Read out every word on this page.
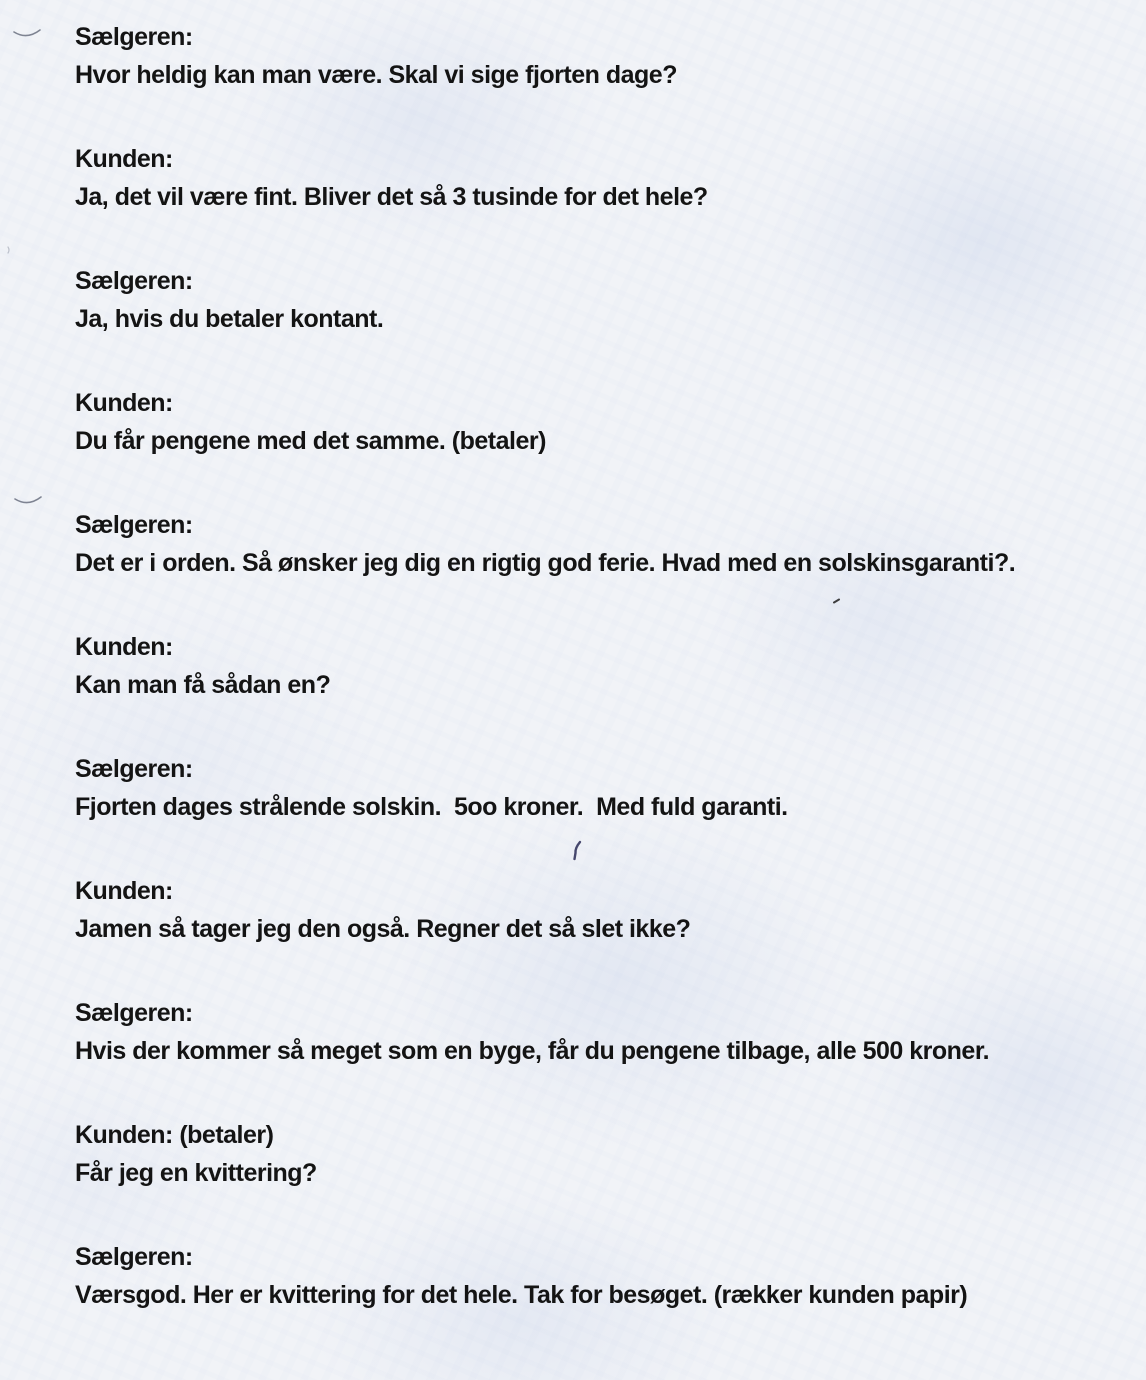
Sælgeren:
Hvor heldig kan man være. Skal vi sige fjorten dage?
Kunden:
Ja, det vil være fint. Bliver det så 3 tusinde for det hele?
Sælgeren:
Ja, hvis du betaler kontant.
Kunden:
Du får pengene med det samme. (betaler)
Sælgeren:
Det er i orden. Så ønsker jeg dig en rigtig god ferie. Hvad med en solskinsgaranti?.
Kunden:
Kan man få sådan en?
Sælgeren:
Fjorten dages strålende solskin.  5oo kroner.  Med fuld garanti.
Kunden:
Jamen så tager jeg den også. Regner det så slet ikke?
Sælgeren:
Hvis der kommer så meget som en byge, får du pengene tilbage, alle 500 kroner.
Kunden: (betaler)
Får jeg en kvittering?
Sælgeren:
Værsgod. Her er kvittering for det hele. Tak for besøget. (rækker kunden papir)
